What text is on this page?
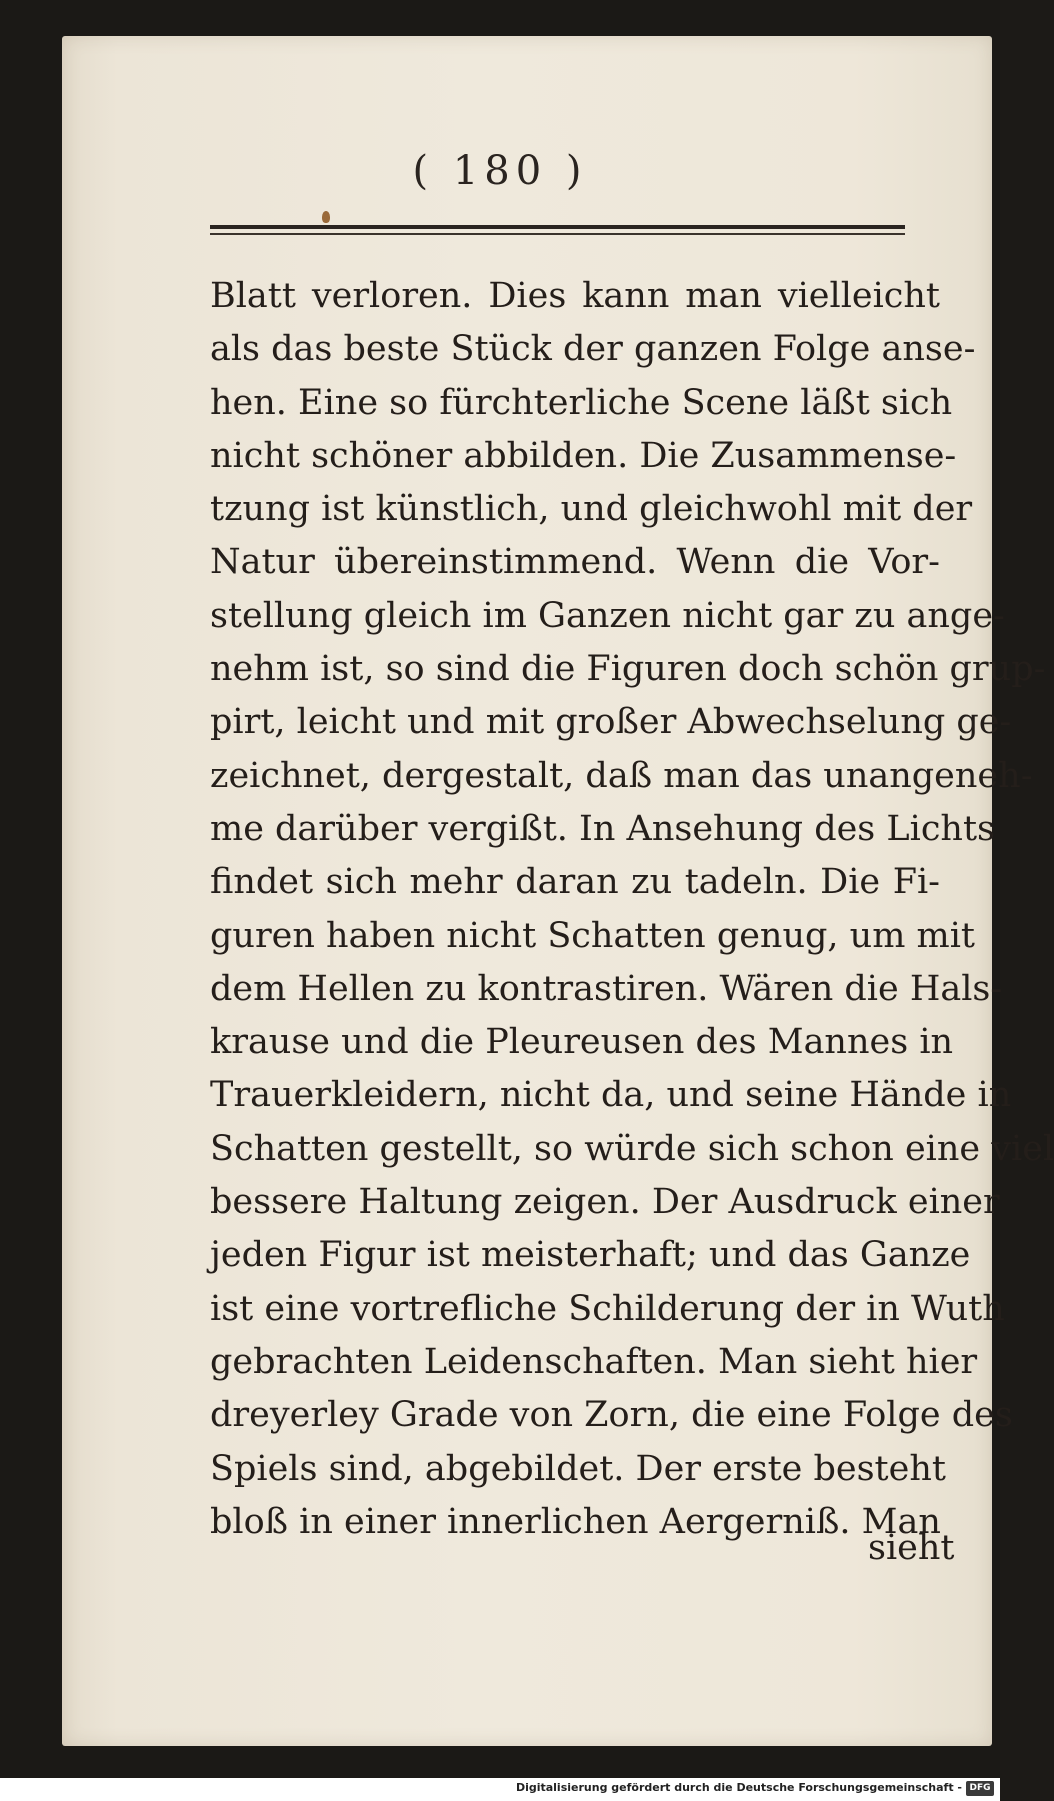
( 180 )
Blatt verloren. Dies kann man vielleicht
als das beste Stück der ganzen Folge anse-
hen. Eine so fürchterliche Scene läßt sich
nicht schöner abbilden. Die Zusammense-
tzung ist künstlich, und gleichwohl mit der
Natur übereinstimmend. Wenn die Vor-
stellung gleich im Ganzen nicht gar zu ange-
nehm ist, so sind die Figuren doch schön grup-
pirt, leicht und mit großer Abwechselung ge-
zeichnet, dergestalt, daß man das unangeneh-
me darüber vergißt. In Ansehung des Lichts
findet sich mehr daran zu tadeln. Die Fi-
guren haben nicht Schatten genug, um mit
dem Hellen zu kontrastiren. Wären die Hals-
krause und die Pleureusen des Mannes in
Trauerkleidern, nicht da, und seine Hände in
Schatten gestellt, so würde sich schon eine viel
bessere Haltung zeigen. Der Ausdruck einer
jeden Figur ist meisterhaft; und das Ganze
ist eine vortrefliche Schilderung der in Wuth
gebrachten Leidenschaften. Man sieht hier
dreyerley Grade von Zorn, die eine Folge des
Spiels sind, abgebildet. Der erste besteht
bloß in einer innerlichen Aergerniß. Man
sieht
Digitalisierung gefördert durch die Deutsche Forschungsgemeinschaft - DFG
